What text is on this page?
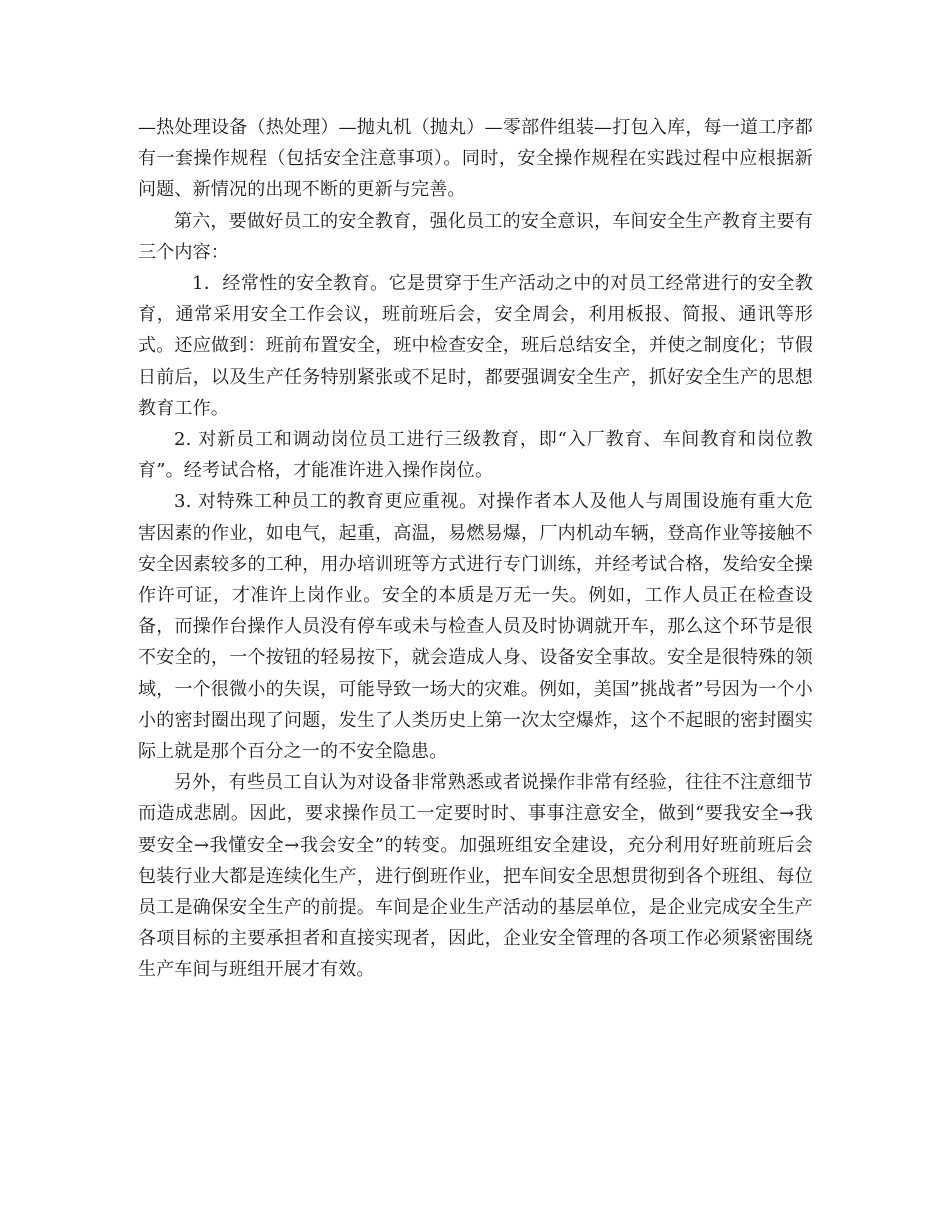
—热处理设备（热处理）—抛丸机（抛丸）—零部件组装—打包入库，每一道工序都有一套操作规程（包括安全注意事项）。同时，安全操作规程在实践过程中应根据新问题、新情况的出现不断的更新与完善。

第六，要做好员工的安全教育，强化员工的安全意识，车间安全生产教育主要有三个内容：

1．经常性的安全教育。它是贯穿于生产活动之中的对员工经常进行的安全教育，通常采用安全工作会议，班前班后会，安全周会，利用板报、简报、通讯等形式。还应做到：班前布置安全，班中检查安全，班后总结安全，并使之制度化；节假日前后，以及生产任务特别紧张或不足时，都要强调安全生产，抓好安全生产的思想教育工作。

2. 对新员工和调动岗位员工进行三级教育，即“入厂教育、车间教育和岗位教育”。经考试合格，才能准许进入操作岗位。

3. 对特殊工种员工的教育更应重视。对操作者本人及他人与周围设施有重大危害因素的作业，如电气，起重，高温，易燃易爆，厂内机动车辆，登高作业等接触不安全因素较多的工种，用办培训班等方式进行专门训练，并经考试合格，发给安全操作许可证，才准许上岗作业。安全的本质是万无一失。例如，工作人员正在检查设备，而操作台操作人员没有停车或未与检查人员及时协调就开车，那么这个环节是很不安全的，一个按钮的轻易按下，就会造成人身、设备安全事故。安全是很特殊的领域，一个很微小的失误，可能导致一场大的灾难。例如，美国”挑战者”号因为一个小小的密封圈出现了问题，发生了人类历史上第一次太空爆炸，这个不起眼的密封圈实际上就是那个百分之一的不安全隐患。

另外，有些员工自认为对设备非常熟悉或者说操作非常有经验，往往不注意细节而造成悲剧。因此，要求操作员工一定要时时、事事注意安全，做到“要我安全→我要安全→我懂安全→我会安全”的转变。加强班组安全建设，充分利用好班前班后会包装行业大都是连续化生产，进行倒班作业，把车间安全思想贯彻到各个班组、每位员工是确保安全生产的前提。车间是企业生产活动的基层单位，是企业完成安全生产各项目标的主要承担者和直接实现者，因此，企业安全管理的各项工作必须紧密围绕生产车间与班组开展才有效。
